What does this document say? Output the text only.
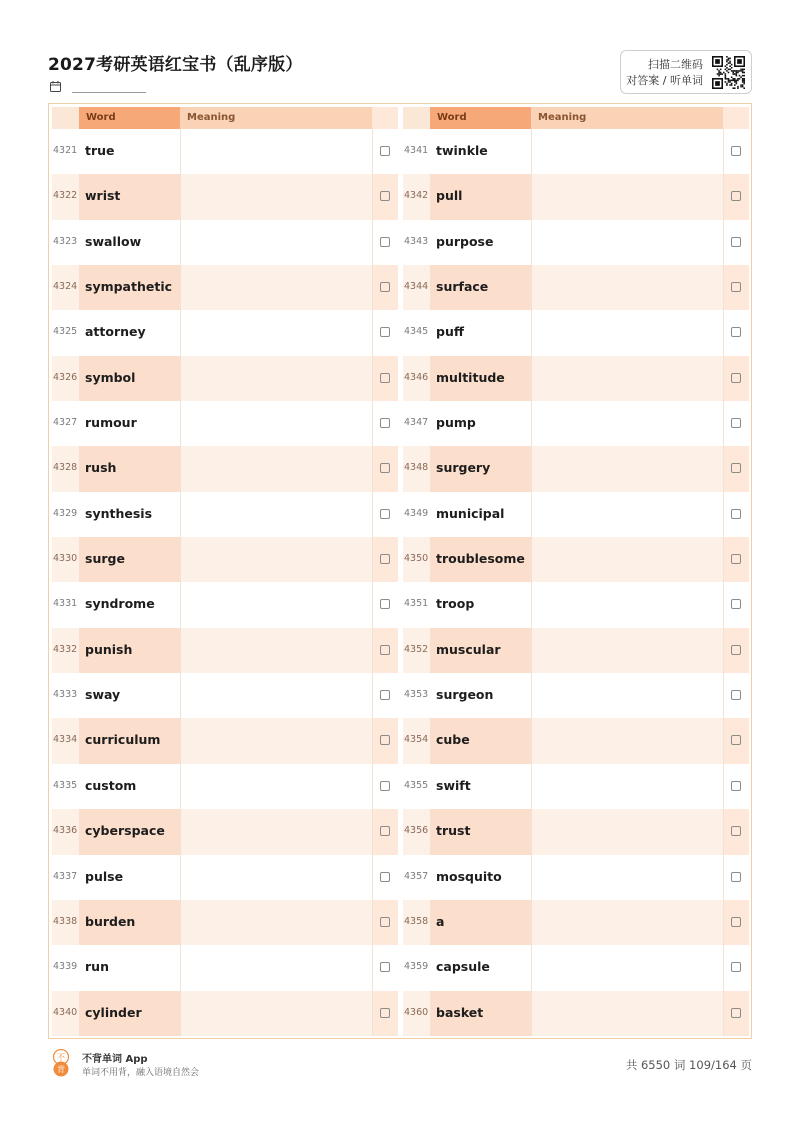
2027考研英语红宝书（乱序版）	扫描二维码
对答案 / 听单词
Word	Meaning
4321 true
4322 wrist
4323 swallow
4324 sympathetic
4325 attorney
4326 symbol
4327 rumour
4328 rush
4329 synthesis
4330 surge
4331 syndrome
4332 punish
4333 sway
4334 curriculum
4335 custom
4336 cyberspace
4337 pulse
4338 burden
4339 run
4340 cylinder
Word	Meaning
4341 twinkle
4342 pull
4343 purpose
4344 surface
4345 puff
4346 multitude
4347 pump
4348 surgery
4349 municipal
4350 troublesome
4351 troop
4352 muscular
4353 surgeon
4354 cube
4355 swift
4356 trust
4357 mosquito
4358 a
4359 capsule
4360 basket
不
背
不背单词 App
单词不用背，融入语境自然会
共 6550 词 109/164 页
